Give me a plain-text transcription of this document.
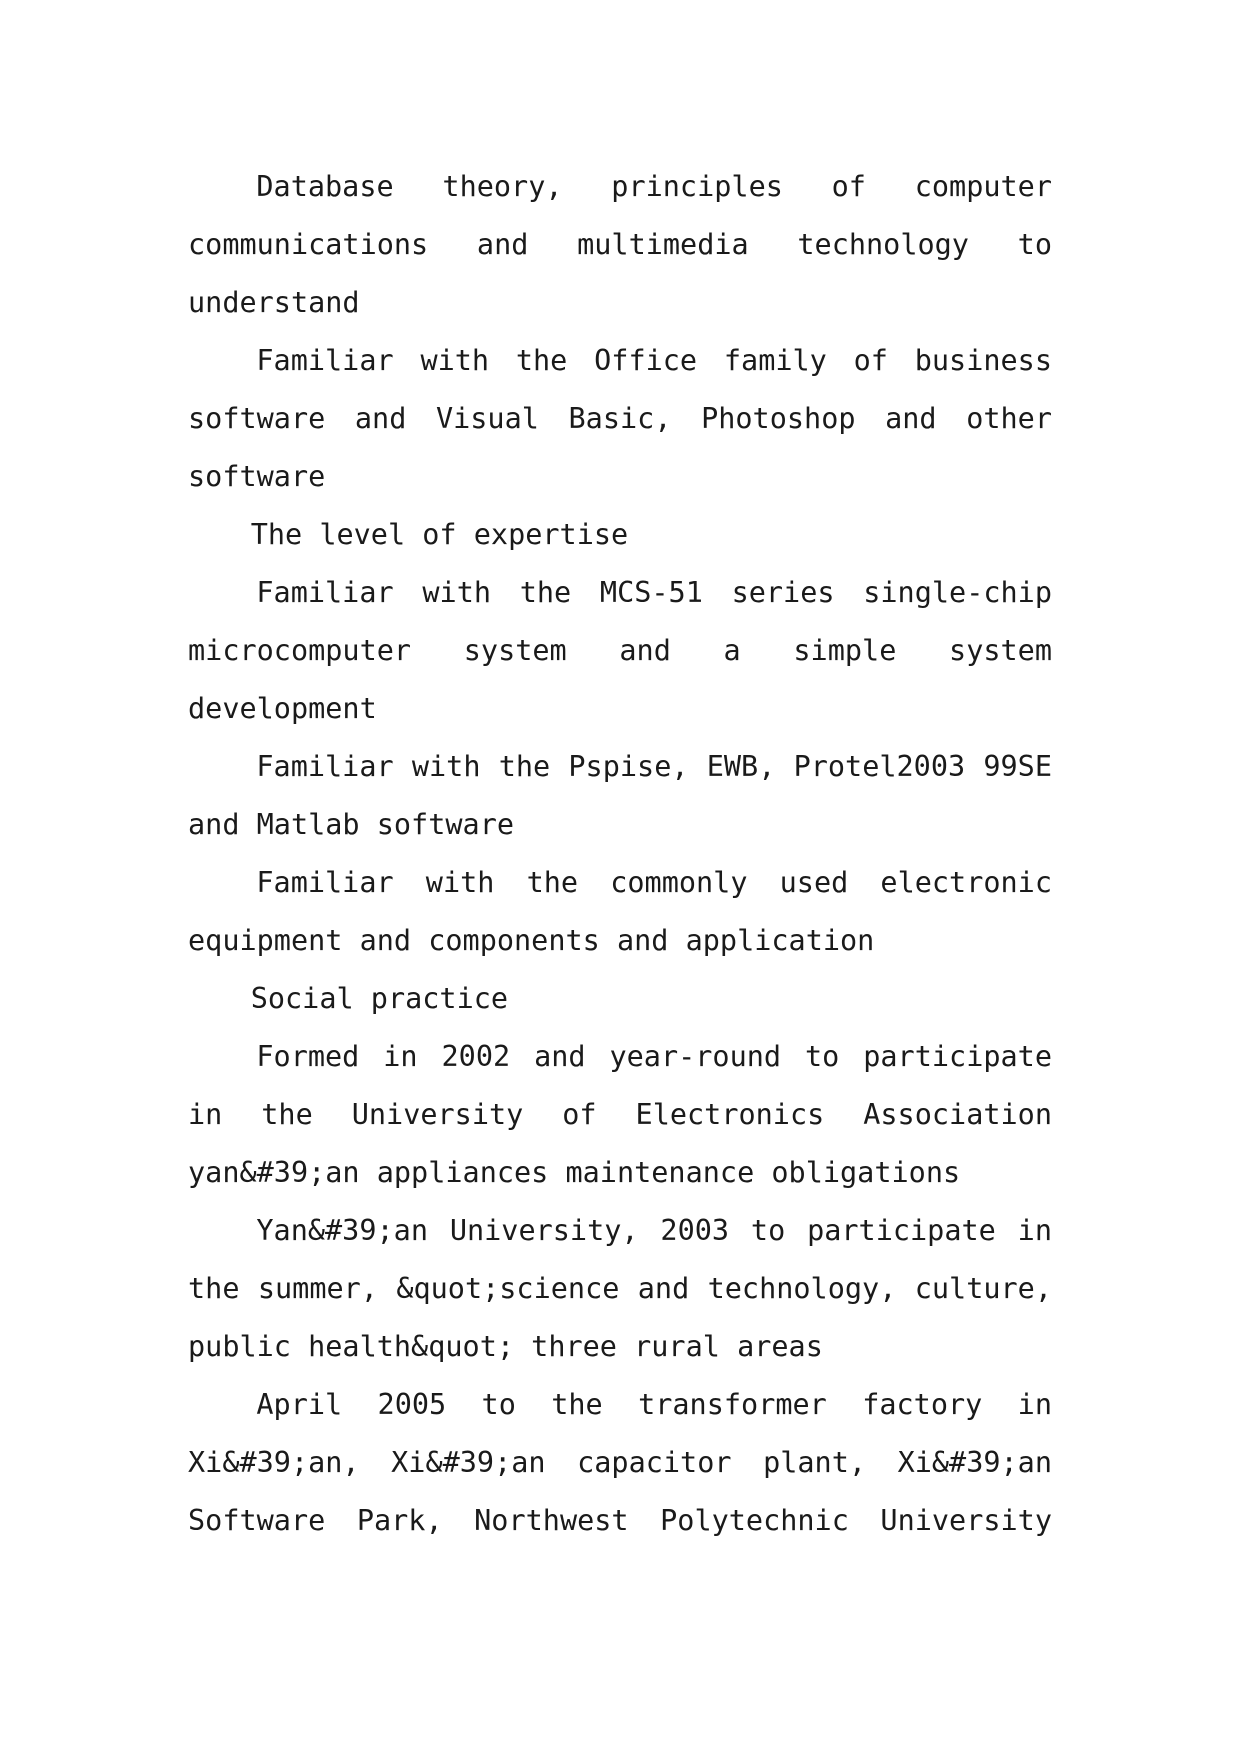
Database theory, principles of computer communications and multimedia technology to understand

Familiar with the Office family of business software and Visual Basic, Photoshop and other software

The level of expertise

Familiar with the MCS-51 series single-chip microcomputer system and a simple system development

Familiar with the Pspise, EWB, Protel2003 99SE and Matlab software

Familiar with the commonly used electronic equipment and components and application

Social practice

Formed in 2002 and year-round to participate in the University of Electronics Association yan&#39;an appliances maintenance obligations

Yan&#39;an University, 2003 to participate in the summer, &quot;science and technology, culture, public health&quot; three rural areas

April 2005 to the transformer factory in Xi&#39;an, Xi&#39;an capacitor plant, Xi&#39;an Software Park, Northwest Polytechnic University
